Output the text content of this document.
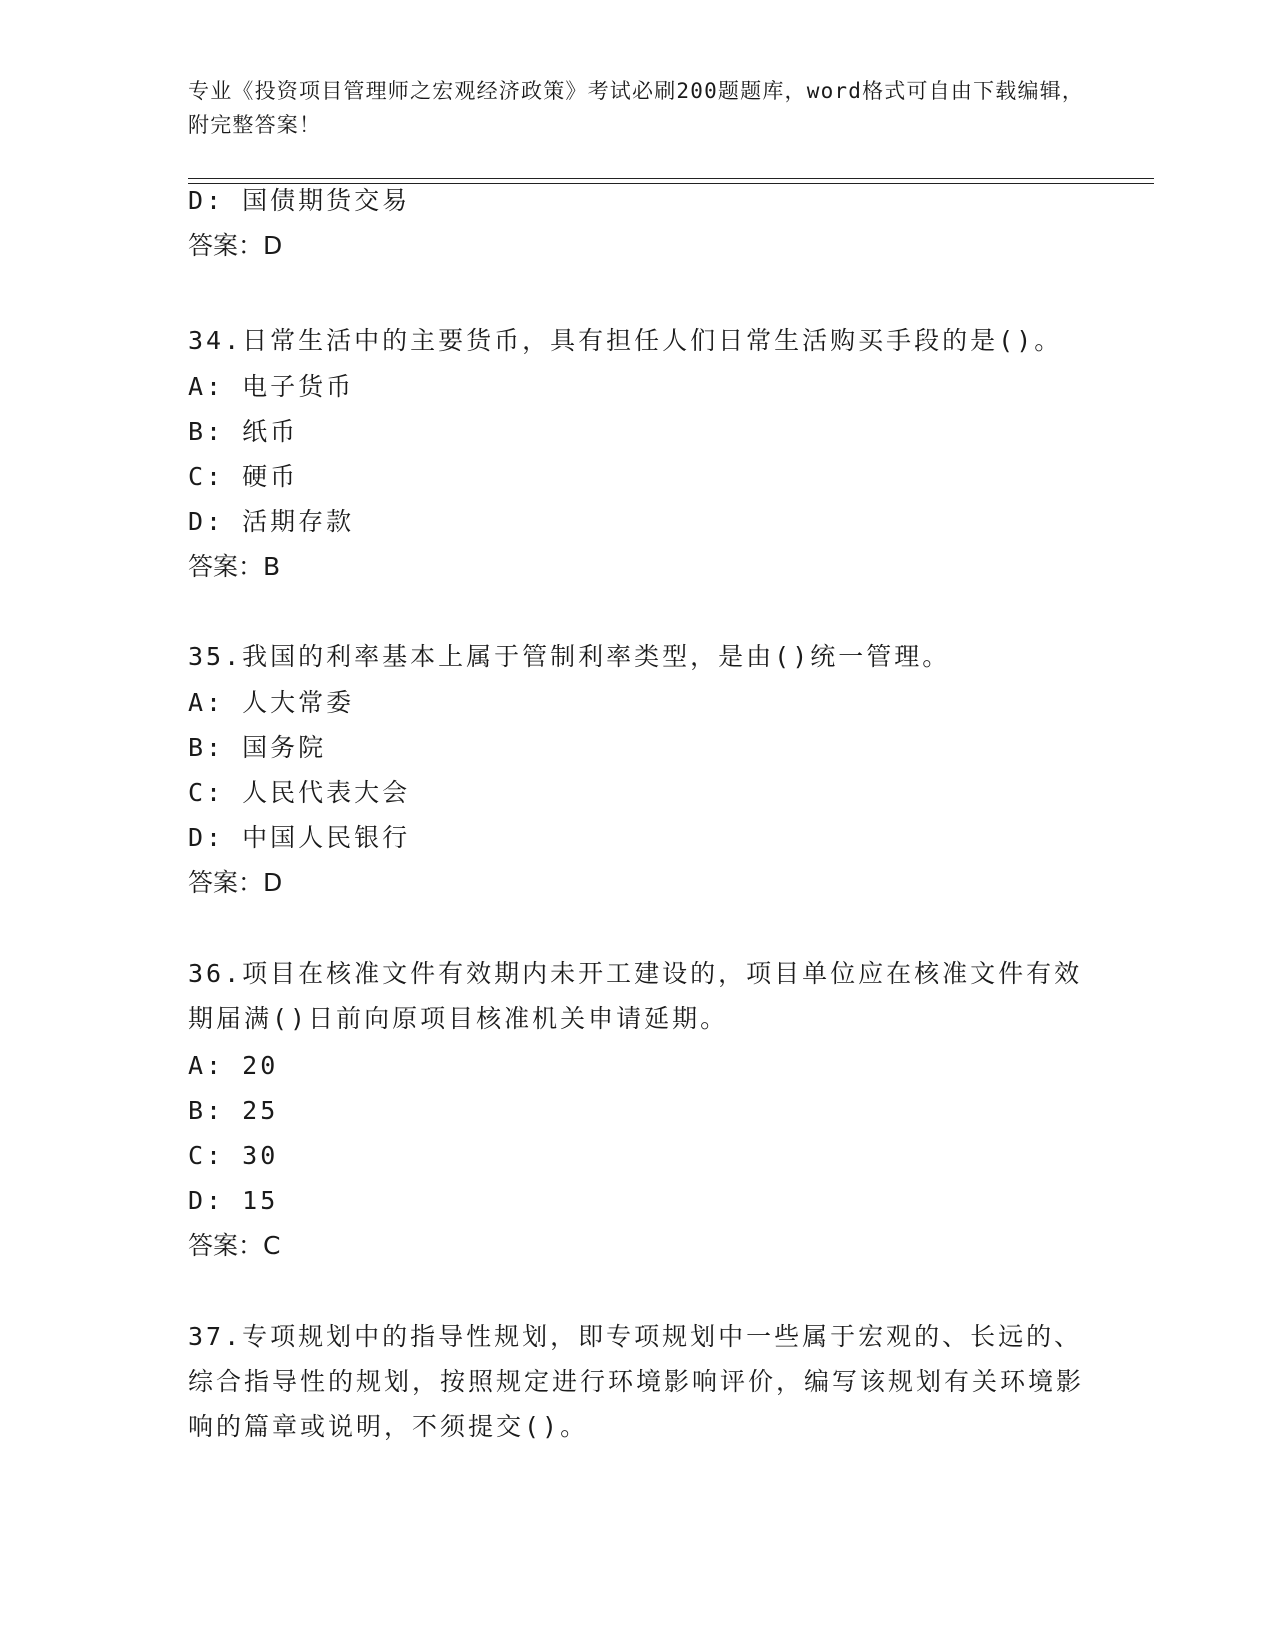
专业《投资项目管理师之宏观经济政策》考试必刷200题题库，word格式可自由下载编辑，附完整答案！
D: 国债期货交易
答案：D
34.日常生活中的主要货币，具有担任人们日常生活购买手段的是()。
A: 电子货币
B: 纸币
C: 硬币
D: 活期存款
答案：B
35.我国的利率基本上属于管制利率类型，是由()统一管理。
A: 人大常委
B: 国务院
C: 人民代表大会
D: 中国人民银行
答案：D
36.项目在核准文件有效期内未开工建设的，项目单位应在核准文件有效期届满()日前向原项目核准机关申请延期。
A: 20
B: 25
C: 30
D: 15
答案：C
37.专项规划中的指导性规划，即专项规划中一些属于宏观的、长远的、综合指导性的规划，按照规定进行环境影响评价，编写该规划有关环境影响的篇章或说明，不须提交()。
